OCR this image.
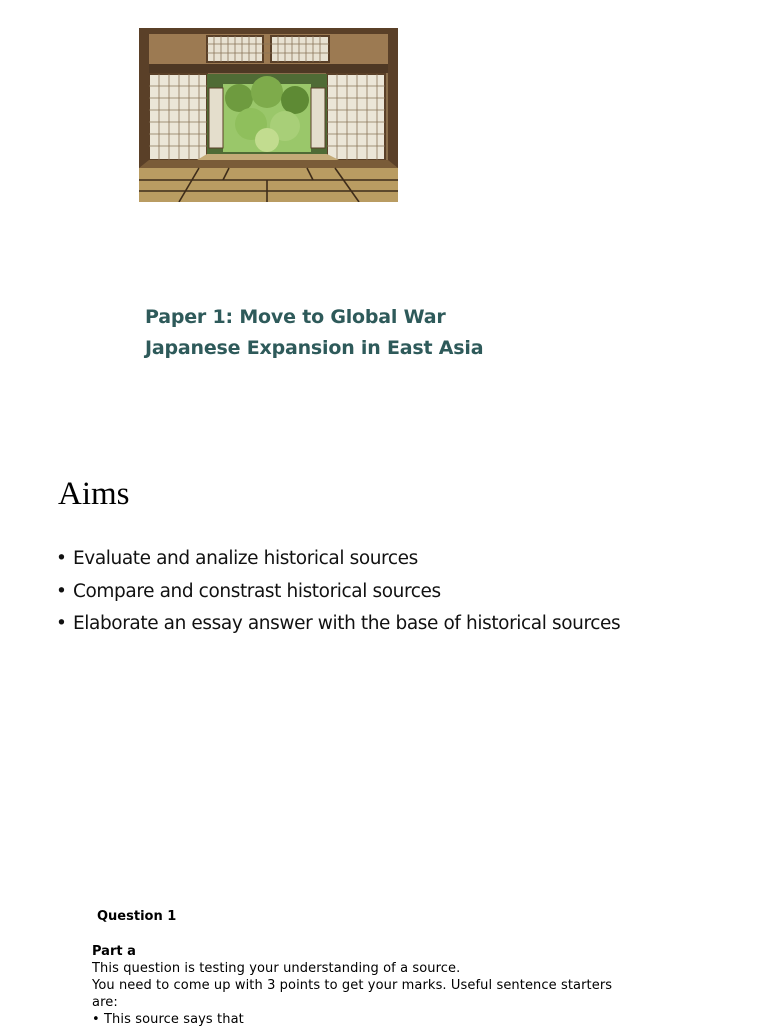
Paper 1: Move to Global War
Japanese Expansion in East Asia
Aims
• Evaluate and analize historical sources
• Compare and constrast historical sources
• Elaborate an essay answer with the base of historical sources
Question 1
Part a
This question is testing your understanding of a source.
You need to come up with 3 points to get your marks. Useful sentence starters
are:
• This source says that
